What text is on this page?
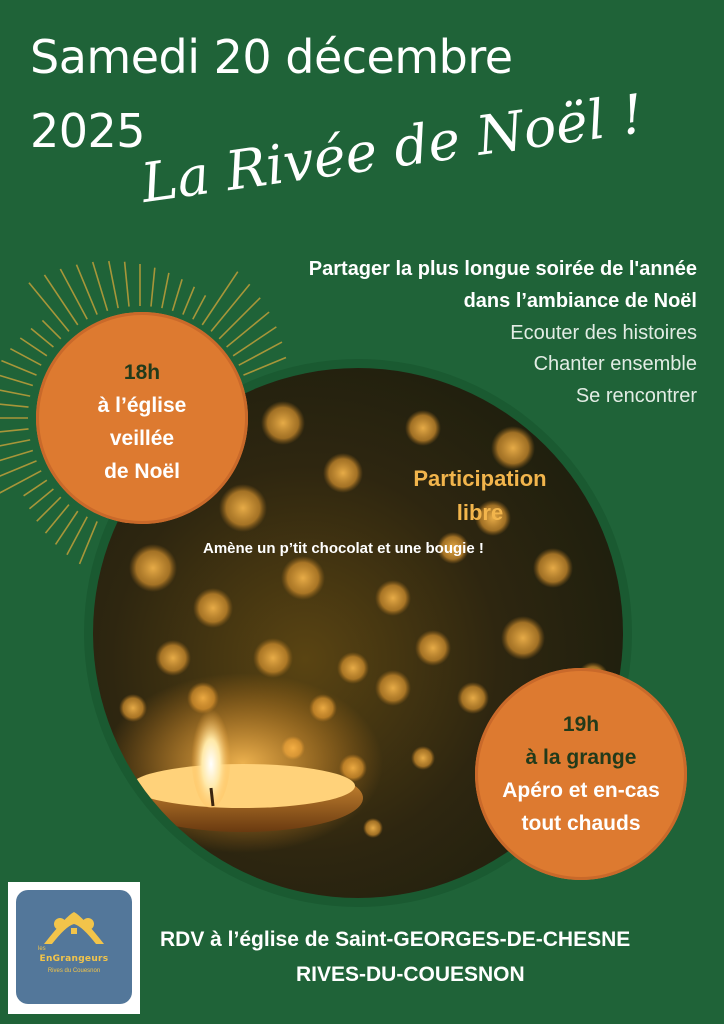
Samedi 20 décembre
2025
La Rivée de Noël !

Partager la plus longue soirée de l'année

dans l’ambiance de Noël

Ecouter des histoires

Chanter ensemble

Se rencontrer

18h
à l’église
veillée
de Noël

19h
à la grange
Apéro et en-cas
tout chauds

Participation
libre

Amène un p’tit chocolat et une bougie !

les
EnGrangeurs
Rives du Couesnon

RDV à l’église de Saint-GEORGES-DE-CHESNE

RIVES-DU-COUESNON
